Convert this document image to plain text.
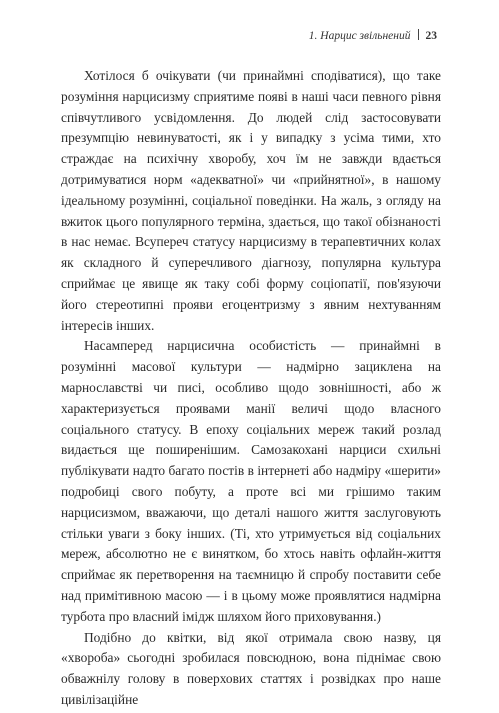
1. Нарцис звільнений 23

Хотілося б очікувати (чи принаймні сподіватися), що таке розуміння нарцисизму сприятиме появі в наші часи певного рівня співчутливого усвідомлення. До людей слід застосовувати презумпцію невинуватості, як і у випадку з усіма тими, хто страждає на психічну хворобу, хоч їм не завжди вдається дотримуватися норм «адекватної» чи «прийнятної», в нашому ідеальному розумінні, соціальної поведінки. На жаль, з огляду на вжиток цього популярного терміна, здається, що такої обізнаності в нас немає. Всупереч статусу нарцисизму в терапевтичних колах як складного й суперечливого діагнозу, популярна культура сприймає це явище як таку собі форму соціопатії, пов'язуючи його стереотипні прояви егоцентризму з явним нехтуванням інтересів інших.

Насамперед нарцисична особистість — принаймні в розумінні масової культури — надмірно зациклена на марнославстві чи писі, особливо щодо зовнішності, або ж характеризується проявами манії величі щодо власного соціального статусу. В епоху соціальних мереж такий розлад видається ще поширенішим. Самозакохані нарциси схильні публікувати надто багато постів в інтернеті або надміру «шерити» подробиці свого побуту, а проте всі ми грішимо таким нарцисизмом, вважаючи, що деталі нашого життя заслуговують стільки уваги з боку інших. (Ті, хто утримується від соціальних мереж, абсолютно не є винятком, бо хтось навіть офлайн-життя сприймає як перетворення на таємницю й спробу поставити себе над примітивною масою — і в цьому може проявлятися надмірна турбота про власний імідж шляхом його приховування.)

Подібно до квітки, від якої отримала свою назву, ця «хвороба» сьогодні зробилася повсюдною, вона піднімає свою обважнілу голову в поверхових статтях і розвідках про наше цивілізаційне
